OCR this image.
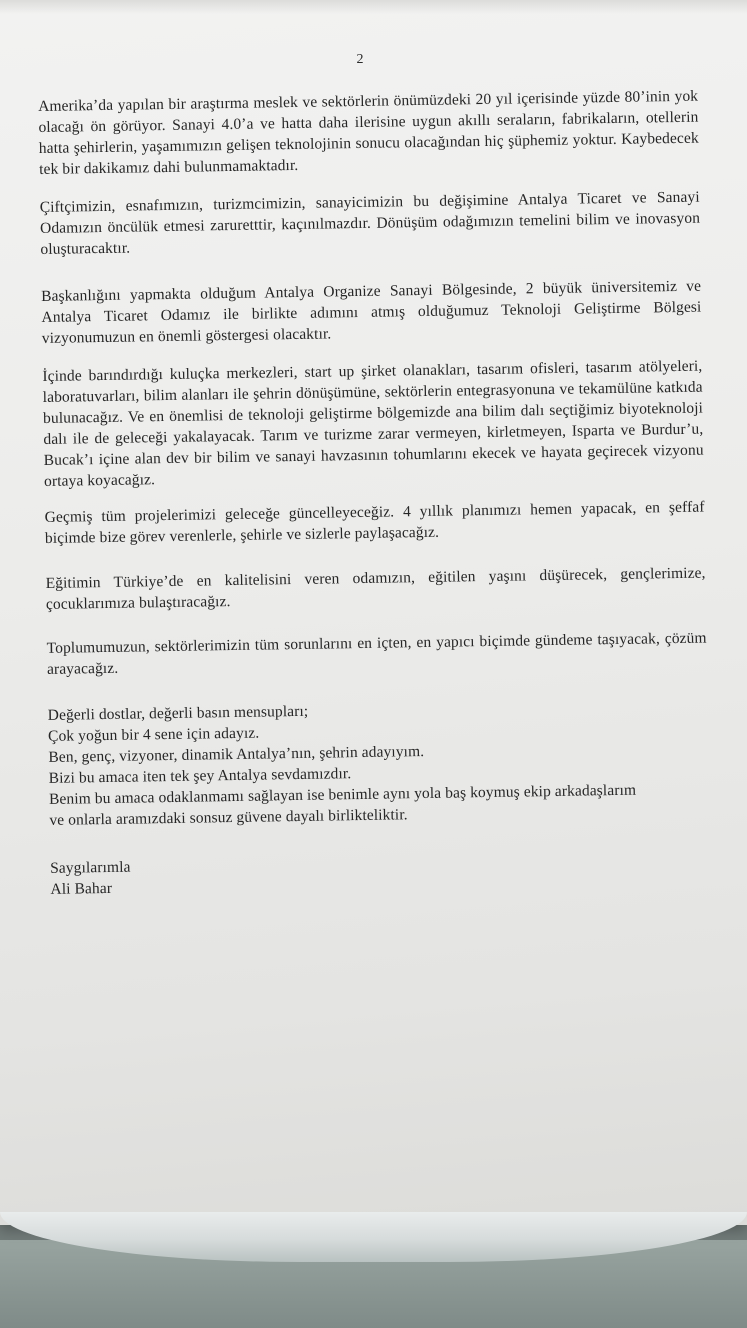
2

Amerika’da yapılan bir araştırma meslek ve sektörlerin önümüzdeki 20 yıl içerisinde yüzde 80’inin yok olacağı ön görüyor. Sanayi 4.0’a ve hatta daha ilerisine uygun akıllı seraların, fabrikaların, otellerin hatta şehirlerin, yaşamımızın gelişen teknolojinin sonucu olacağından hiç şüphemiz yoktur. Kaybedecek tek bir dakikamız dahi bulunmamaktadır.

Çiftçimizin, esnafımızın, turizmcimizin, sanayicimizin bu değişimine Antalya Ticaret ve Sanayi Odamızın öncülük etmesi zaruretttir, kaçınılmazdır. Dönüşüm odağımızın temelini bilim ve inovasyon oluşturacaktır.

Başkanlığını yapmakta olduğum Antalya Organize Sanayi Bölgesinde, 2 büyük üniversitemiz ve Antalya Ticaret Odamız ile birlikte adımını atmış olduğumuz Teknoloji Geliştirme Bölgesi vizyonumuzun en önemli göstergesi olacaktır.

İçinde barındırdığı kuluçka merkezleri, start up şirket olanakları, tasarım ofisleri, tasarım atölyeleri, laboratuvarları, bilim alanları ile şehrin dönüşümüne, sektörlerin entegrasyonuna ve tekamülüne katkıda bulunacağız. Ve en önemlisi de teknoloji geliştirme bölgemizde ana bilim dalı seçtiğimiz biyoteknoloji dalı ile de geleceği yakalayacak. Tarım ve turizme zarar vermeyen, kirletmeyen, Isparta ve Burdur’u, Bucak’ı içine alan dev bir bilim ve sanayi havzasının tohumlarını ekecek ve hayata geçirecek vizyonu ortaya koyacağız.

Geçmiş tüm projelerimizi geleceğe güncelleyeceğiz. 4 yıllık planımızı hemen yapacak, en şeffaf biçimde bize görev verenlerle, şehirle ve sizlerle paylaşacağız.

Eğitimin Türkiye’de en kalitelisini veren odamızın, eğitilen yaşını düşürecek, gençlerimize, çocuklarımıza bulaştıracağız.

Toplumumuzun, sektörlerimizin tüm sorunlarını en içten, en yapıcı biçimde gündeme taşıyacak, çözüm arayacağız.

Değerli dostlar, değerli basın mensupları;

Çok yoğun bir 4 sene için adayız.

Ben, genç, vizyoner, dinamik Antalya’nın, şehrin adayıyım.

Bizi bu amaca iten tek şey Antalya sevdamızdır.

Benim bu amaca odaklanmamı sağlayan ise benimle aynı yola baş koymuş ekip arkadaşlarım

ve onlarla aramızdaki sonsuz güvene dayalı birlikteliktir.

Saygılarımla

Ali Bahar
